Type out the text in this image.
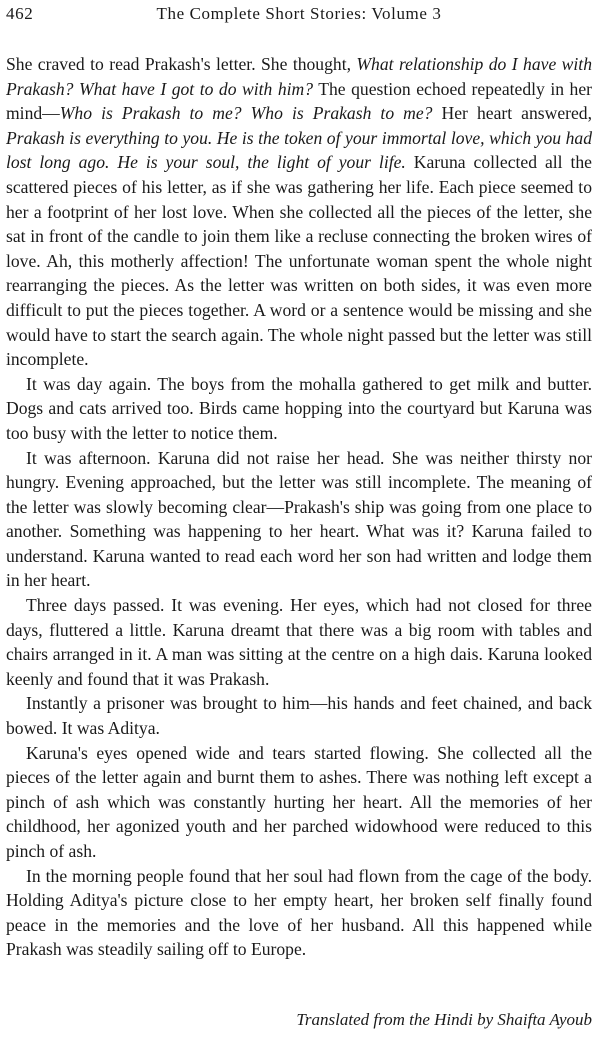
462	The Complete Short Stories: Volume 3

She craved to read Prakash's letter. She thought, What relationship do I have with Prakash? What have I got to do with him? The question echoed repeatedly in her mind—Who is Prakash to me? Who is Prakash to me? Her heart answered, Prakash is everything to you. He is the token of your immortal love, which you had lost long ago. He is your soul, the light of your life. Karuna collected all the scattered pieces of his letter, as if she was gathering her life. Each piece seemed to her a footprint of her lost love. When she collected all the pieces of the letter, she sat in front of the candle to join them like a recluse connecting the broken wires of love. Ah, this motherly affection! The unfortunate woman spent the whole night rearranging the pieces. As the letter was written on both sides, it was even more difficult to put the pieces together. A word or a sentence would be missing and she would have to start the search again. The whole night passed but the letter was still incomplete.

It was day again. The boys from the mohalla gathered to get milk and butter. Dogs and cats arrived too. Birds came hopping into the courtyard but Karuna was too busy with the letter to notice them.

It was afternoon. Karuna did not raise her head. She was neither thirsty nor hungry. Evening approached, but the letter was still incomplete. The meaning of the letter was slowly becoming clear—Prakash's ship was going from one place to another. Something was happening to her heart. What was it? Karuna failed to understand. Karuna wanted to read each word her son had written and lodge them in her heart.

Three days passed. It was evening. Her eyes, which had not closed for three days, fluttered a little. Karuna dreamt that there was a big room with tables and chairs arranged in it. A man was sitting at the centre on a high dais. Karuna looked keenly and found that it was Prakash.

Instantly a prisoner was brought to him—his hands and feet chained, and back bowed. It was Aditya.

Karuna's eyes opened wide and tears started flowing. She collected all the pieces of the letter again and burnt them to ashes. There was nothing left except a pinch of ash which was constantly hurting her heart. All the memories of her childhood, her agonized youth and her parched widowhood were reduced to this pinch of ash.

In the morning people found that her soul had flown from the cage of the body. Holding Aditya's picture close to her empty heart, her broken self finally found peace in the memories and the love of her husband. All this happened while Prakash was steadily sailing off to Europe.

Translated from the Hindi by Shaifta Ayoub
